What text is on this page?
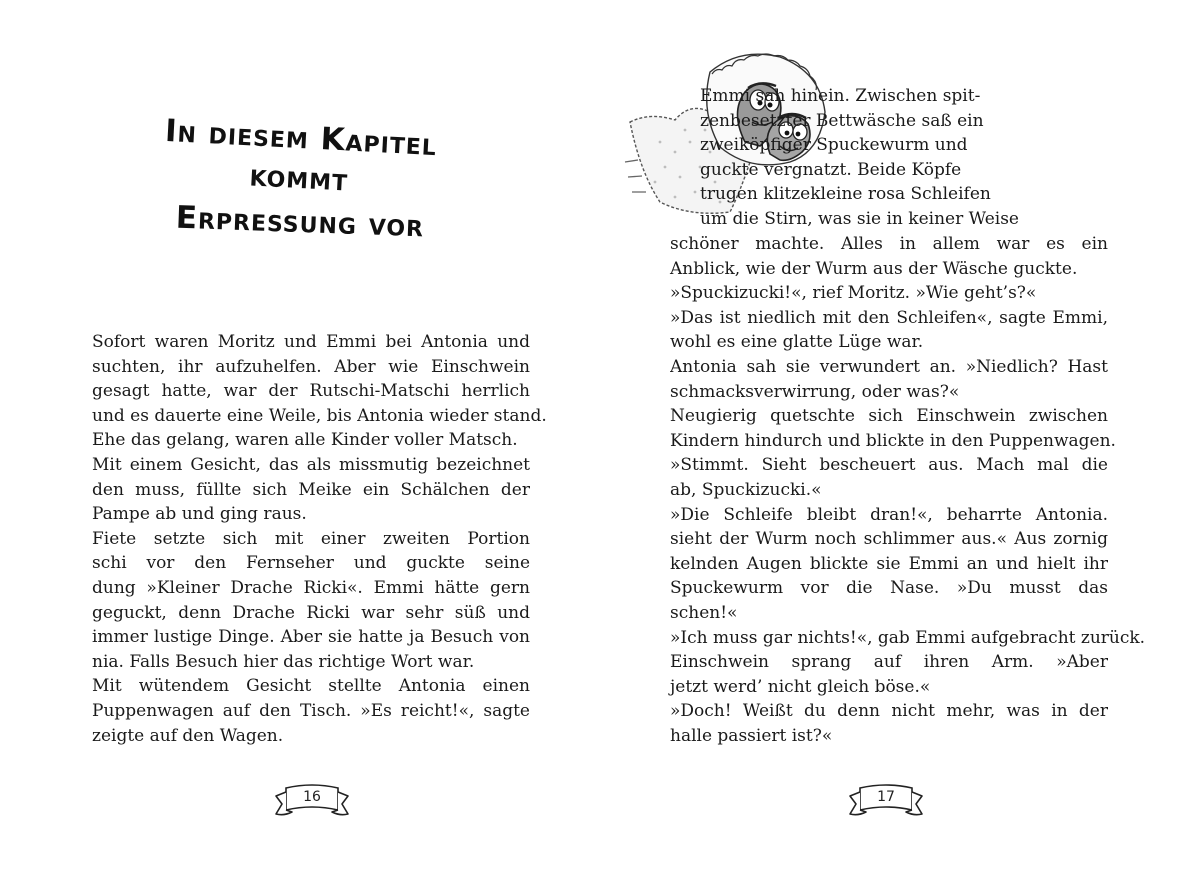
In diesem Kapitel kommt
Erpressung vor
Sofort waren Moritz und Emmi bei Antonia und
suchten, ihr aufzuhelfen. Aber wie Einschwein
gesagt hatte, war der Rutschi-Matschi herrlich
und es dauerte eine Weile, bis Antonia wieder stand.
Ehe das gelang, waren alle Kinder voller Matsch.
Mit einem Gesicht, das als missmutig bezeichnet
den muss, füllte sich Meike ein Schälchen der
Pampe ab und ging raus.
Fiete setzte sich mit einer zweiten Portion
schi vor den Fernseher und guckte seine
dung »Kleiner Drache Ricki«. Emmi hätte gern
geguckt, denn Drache Ricki war sehr süß und
immer lustige Dinge. Aber sie hatte ja Besuch von
nia. Falls Besuch hier das richtige Wort war.
Mit wütendem Gesicht stellte Antonia einen
Puppenwagen auf den Tisch. »Es reicht!«, sagte
zeigte auf den Wagen.
16
Emmi sah hinein. Zwischen spit-
zenbesetzter Bettwäsche saß ein
zweiköpfiger Spuckewurm und
guckte vergnatzt. Beide Köpfe
trugen klitzekleine rosa Schleifen
um die Stirn, was sie in keiner Weise
schöner machte. Alles in allem war es ein
Anblick, wie der Wurm aus der Wäsche guckte.
»Spuckizucki!«, rief Moritz. »Wie geht’s?«
»Das ist niedlich mit den Schleifen«, sagte Emmi,
wohl es eine glatte Lüge war.
Antonia sah sie verwundert an. »Niedlich? Hast
schmacksverwirrung, oder was?«
Neugierig quetschte sich Einschwein zwischen
Kindern hindurch und blickte in den Puppenwagen.
»Stimmt. Sieht bescheuert aus. Mach mal die
ab, Spuckizucki.«
»Die Schleife bleibt dran!«, beharrte Antonia.
sieht der Wurm noch schlimmer aus.« Aus zornig
kelnden Augen blickte sie Emmi an und hielt ihr
Spuckewurm vor die Nase. »Du musst das
schen!«
»Ich muss gar nichts!«, gab Emmi aufgebracht zurück.
Einschwein sprang auf ihren Arm. »Aber
jetzt werd’ nicht gleich böse.«
»Doch! Weißt du denn nicht mehr, was in der
halle passiert ist?«
17
